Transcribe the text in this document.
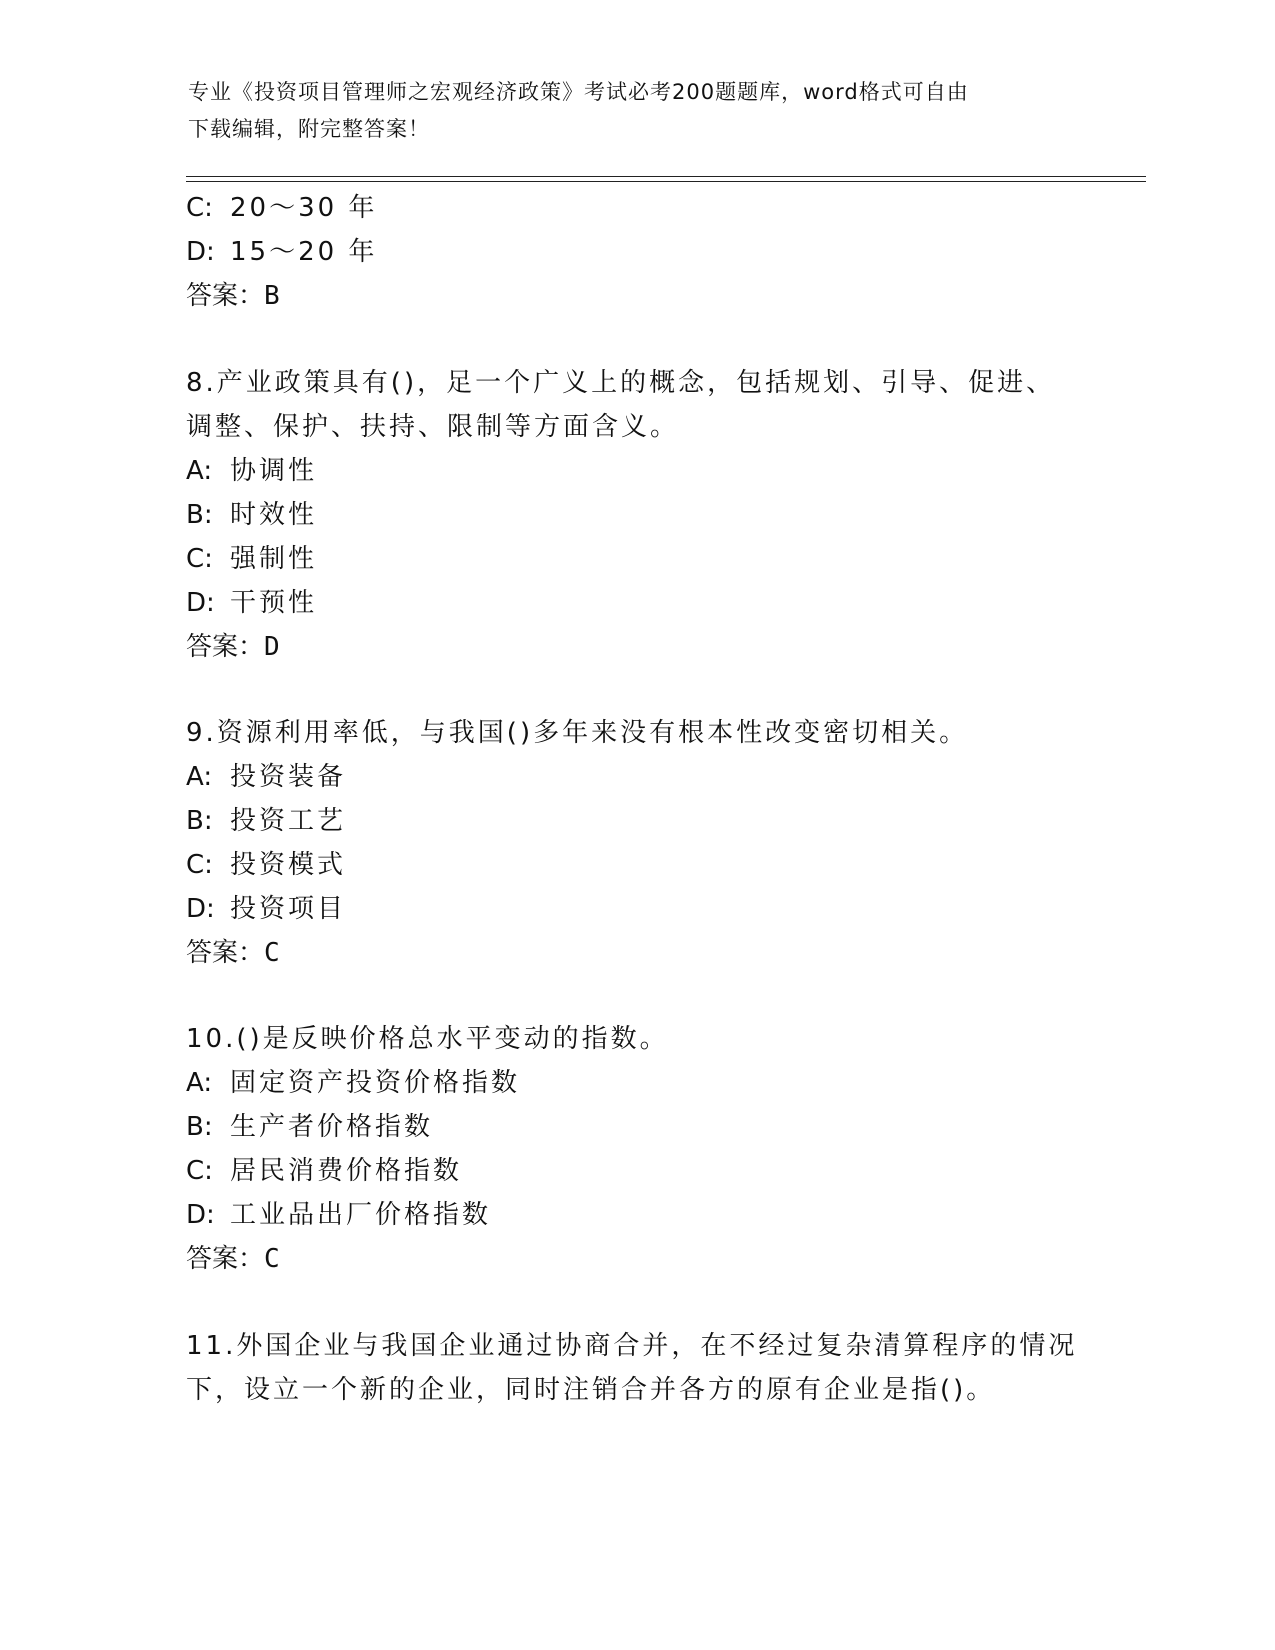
专业《投资项目管理师之宏观经济政策》考试必考200题题库，word格式可自由
下载编辑，附完整答案！
C: 20～30 年
D: 15～20 年
答案：B
8.产业政策具有()，足一个广义上的概念，包括规划、引导、促进、
调整、保护、扶持、限制等方面含义。
A: 协调性
B: 时效性
C: 强制性
D: 干预性
答案：D
9.资源利用率低，与我国()多年来没有根本性改变密切相关。
A: 投资装备
B: 投资工艺
C: 投资模式
D: 投资项目
答案：C
10.()是反映价格总水平变动的指数。
A: 固定资产投资价格指数
B: 生产者价格指数
C: 居民消费价格指数
D: 工业品出厂价格指数
答案：C
11.外国企业与我国企业通过协商合并，在不经过复杂清算程序的情况
下，设立一个新的企业，同时注销合并各方的原有企业是指()。
